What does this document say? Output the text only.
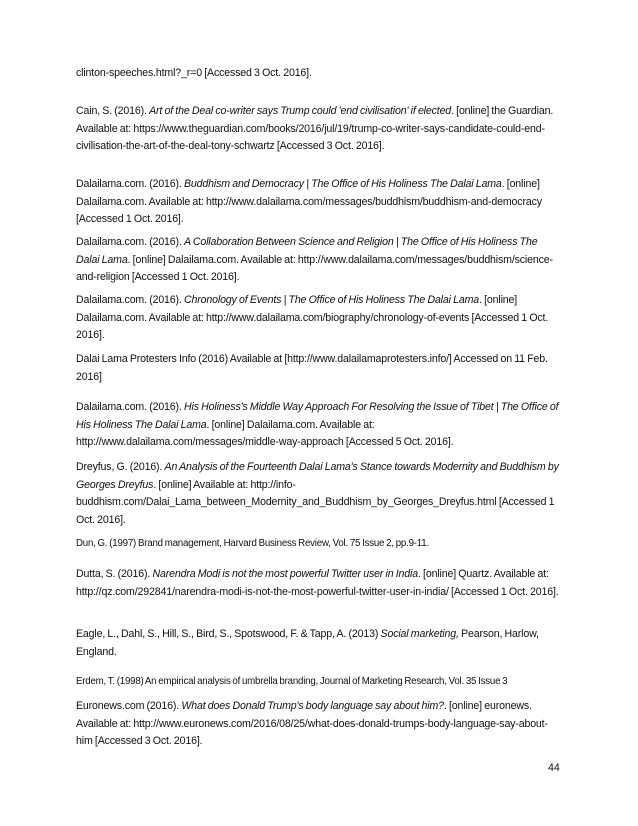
clinton-speeches.html?_r=0 [Accessed 3 Oct. 2016].

Cain, S. (2016). Art of the Deal co-writer says Trump could 'end civilisation' if elected. [online] the Guardian. Available at: https://www.theguardian.com/books/2016/jul/19/trump-co-writer-says-candidate-could-end-civilisation-the-art-of-the-deal-tony-schwartz [Accessed 3 Oct. 2016].

Dalailama.com. (2016). Buddhism and Democracy | The Office of His Holiness The Dalai Lama. [online] Dalailama.com. Available at: http://www.dalailama.com/messages/buddhism/buddhism-and-democracy [Accessed 1 Oct. 2016].

Dalailama.com. (2016). A Collaboration Between Science and Religion | The Office of His Holiness The Dalai Lama. [online] Dalailama.com. Available at: http://www.dalailama.com/messages/buddhism/science-and-religion [Accessed 1 Oct. 2016].

Dalailama.com. (2016). Chronology of Events | The Office of His Holiness The Dalai Lama. [online] Dalailama.com. Available at: http://www.dalailama.com/biography/chronology-of-events [Accessed 1 Oct. 2016].

Dalai Lama Protesters Info (2016) Available at [http://www.dalailamaprotesters.info/] Accessed on 11 Feb. 2016]

Dalailama.com. (2016). His Holiness's Middle Way Approach For Resolving the Issue of Tibet | The Office of His Holiness The Dalai Lama. [online] Dalailama.com. Available at: http://www.dalailama.com/messages/middle-way-approach [Accessed 5 Oct. 2016].

Dreyfus, G. (2016). An Analysis of the Fourteenth Dalai Lama's Stance towards Modernity and Buddhism by Georges Dreyfus. [online] Available at: http://info-buddhism.com/Dalai_Lama_between_Modernity_and_Buddhism_by_Georges_Dreyfus.html [Accessed 1 Oct. 2016].

Dun, G. (1997) Brand management, Harvard Business Review, Vol. 75 Issue 2, pp.9-11.

Dutta, S. (2016). Narendra Modi is not the most powerful Twitter user in India. [online] Quartz. Available at: http://qz.com/292841/narendra-modi-is-not-the-most-powerful-twitter-user-in-india/ [Accessed 1 Oct. 2016].

Eagle, L., Dahl, S., Hill, S., Bird, S., Spotswood, F. & Tapp, A. (2013) Social marketing, Pearson, Harlow, England.

Erdem, T. (1998) An empirical analysis of umbrella branding, Journal of Marketing Research, Vol. 35 Issue 3

Euronews.com (2016). What does Donald Trump's body language say about him?. [online] euronews. Available at: http://www.euronews.com/2016/08/25/what-does-donald-trumps-body-language-say-about-him [Accessed 3 Oct. 2016].

44
